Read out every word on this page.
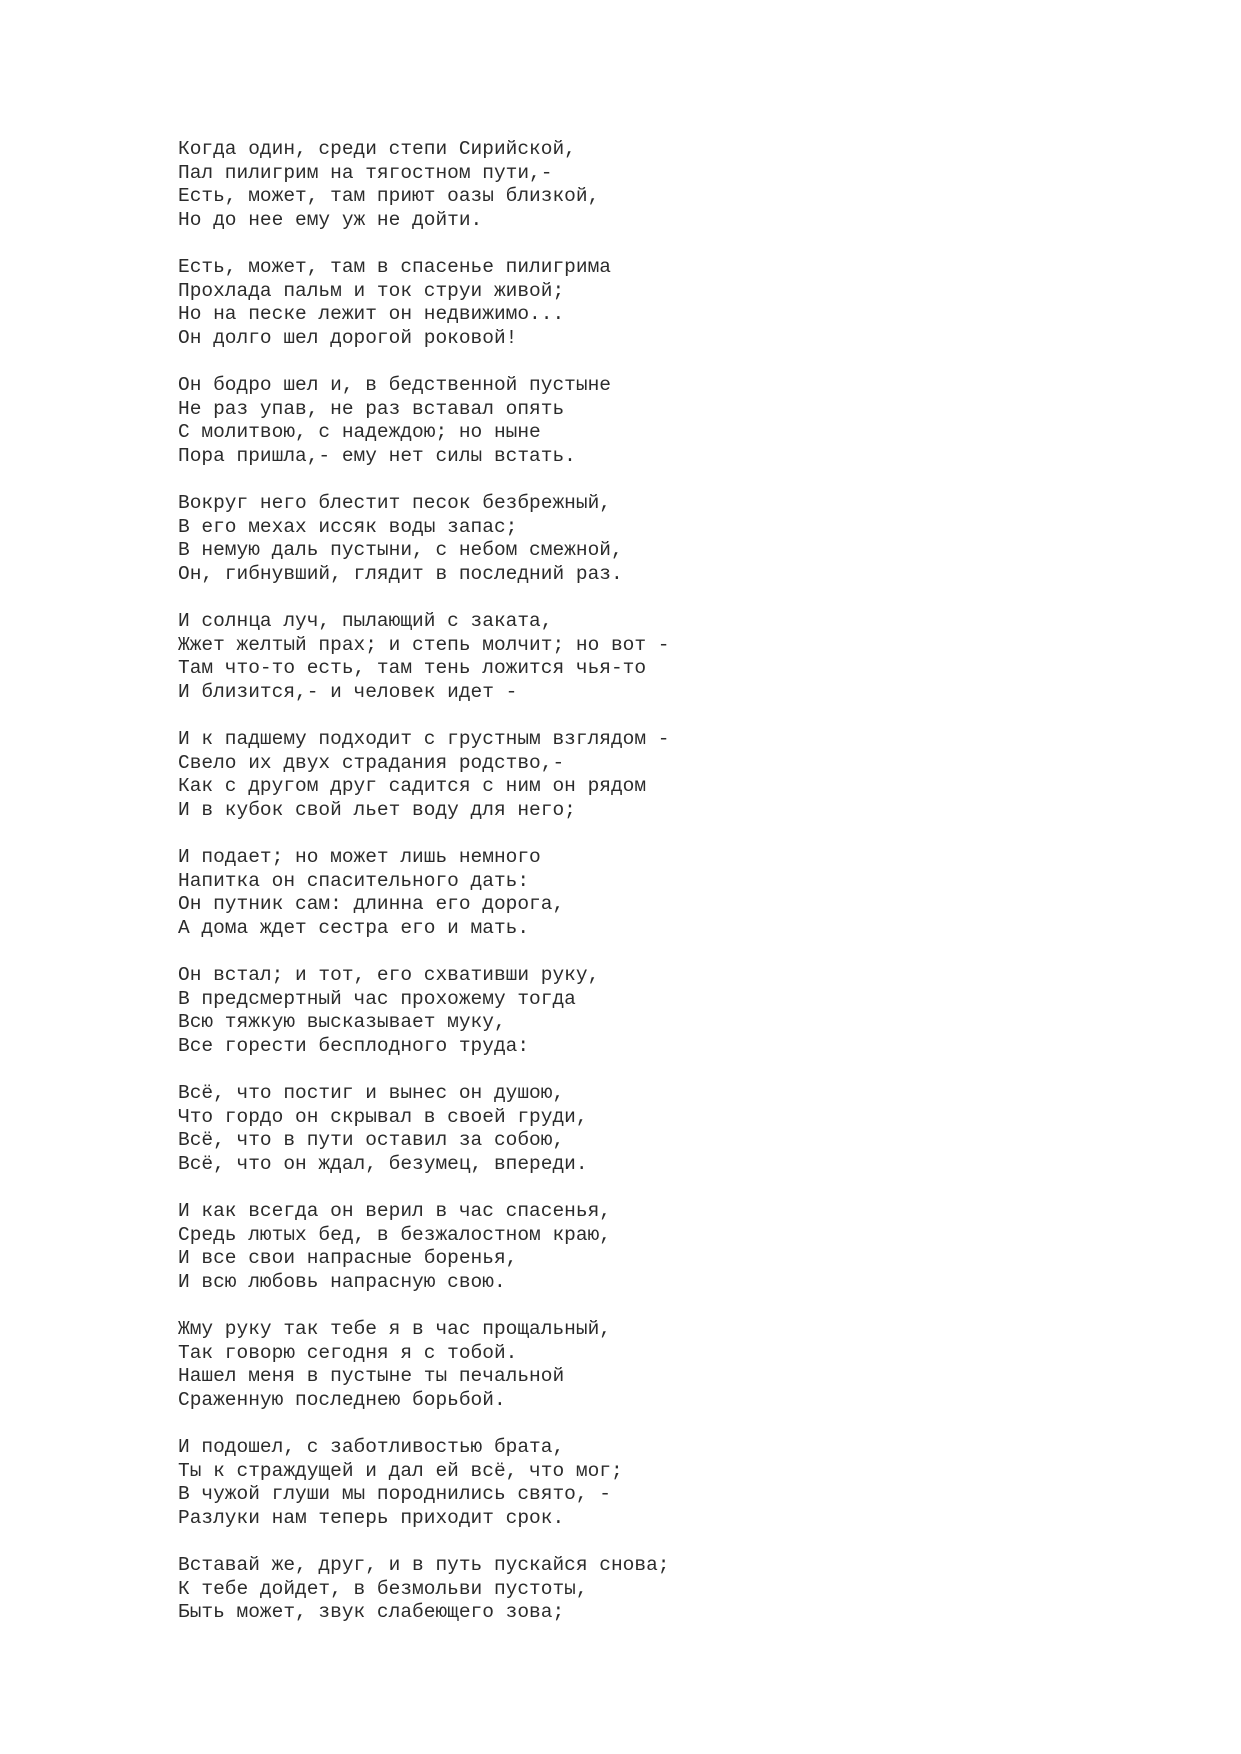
Когда один, среди степи Сирийской,
Пал пилигрим на тягостном пути,-
Есть, может, там приют оазы близкой,
Но до нее ему уж не дойти.
Есть, может, там в спасенье пилигрима
Прохлада пальм и ток струи живой;
Но на песке лежит он недвижимо...
Он долго шел дорогой роковой!
Он бодро шел и, в бедственной пустыне
Не раз упав, не раз вставал опять
С молитвою, с надеждою; но ныне
Пора пришла,- ему нет силы встать.
Вокруг него блестит песок безбрежный,
В его мехах иссяк воды запас;
В немую даль пустыни, с небом смежной,
Он, гибнувший, глядит в последний раз.
И солнца луч, пылающий с заката,
Жжет желтый прах; и степь молчит; но вот -
Там что-то есть, там тень ложится чья-то
И близится,- и человек идет -
И к падшему подходит с грустным взглядом -
Свело их двух страдания родство,-
Как с другом друг садится с ним он рядом
И в кубок свой льет воду для него;
И подает; но может лишь немного
Напитка он спасительного дать:
Он путник сам: длинна его дорога,
А дома ждет сестра его и мать.
Он встал; и тот, его схвативши руку,
В предсмертный час прохожему тогда
Всю тяжкую высказывает муку,
Все горести бесплодного труда:
Всё, что постиг и вынес он душою,
Что гордо он скрывал в своей груди,
Всё, что в пути оставил за собою,
Всё, что он ждал, безумец, впереди.
И как всегда он верил в час спасенья,
Средь лютых бед, в безжалостном краю,
И все свои напрасные боренья,
И всю любовь напрасную свою.
Жму руку так тебе я в час прощальный,
Так говорю сегодня я с тобой.
Нашел меня в пустыне ты печальной
Сраженную последнею борьбой.
И подошел, с заботливостью брата,
Ты к страждущей и дал ей всё, что мог;
В чужой глуши мы породнились свято, -
Разлуки нам теперь приходит срок.
Вставай же, друг, и в путь пускайся снова;
К тебе дойдет, в безмольви пустоты,
Быть может, звук слабеющего зова;
